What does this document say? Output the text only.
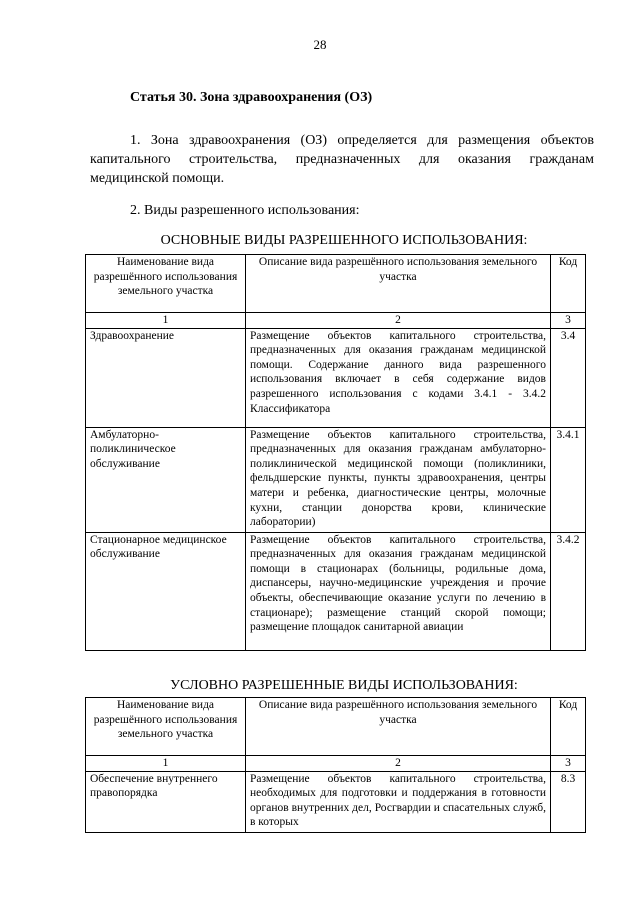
28
Статья 30. Зона здравоохранения (ОЗ)
1. Зона здравоохранения (ОЗ) определяется для размещения объектов капитального строительства, предназначенных для оказания гражданам медицинской помощи.
2. Виды разрешенного использования:
ОСНОВНЫЕ ВИДЫ РАЗРЕШЕННОГО ИСПОЛЬЗОВАНИЯ:
Наименование вида разрешённого использования земельного участка	Описание вида разрешённого использования земельного участка	Код
1	2	3
Здравоохранение	Размещение объектов капитального строительства, предназначенных для оказания гражданам медицинской помощи. Содержание данного вида разрешенного использования включает в себя содержание видов разрешенного использования с кодами 3.4.1 - 3.4.2 Классификатора	3.4
Амбулаторно-поликлиническое обслуживание	Размещение объектов капитального строительства, предназначенных для оказания гражданам амбулаторно-поликлинической медицинской помощи (поликлиники, фельдшерские пункты, пункты здравоохранения, центры матери и ребенка, диагностические центры, молочные кухни, станции донорства крови, клинические лаборатории)	3.4.1
Стационарное медицинское обслуживание	Размещение объектов капитального строительства, предназначенных для оказания гражданам медицинской помощи в стационарах (больницы, родильные дома, диспансеры, научно-медицинские учреждения и прочие объекты, обеспечивающие оказание услуги по лечению в стационаре); размещение станций скорой помощи; размещение площадок санитарной авиации	3.4.2
УСЛОВНО РАЗРЕШЕННЫЕ ВИДЫ ИСПОЛЬЗОВАНИЯ:
Наименование вида разрешённого использования земельного участка	Описание вида разрешённого использования земельного участка	Код
1	2	3
Обеспечение внутреннего правопорядка	Размещение объектов капитального строительства, необходимых для подготовки и поддержания в готовности органов внутренних дел, Росгвардии и спасательных служб, в которых	8.3
